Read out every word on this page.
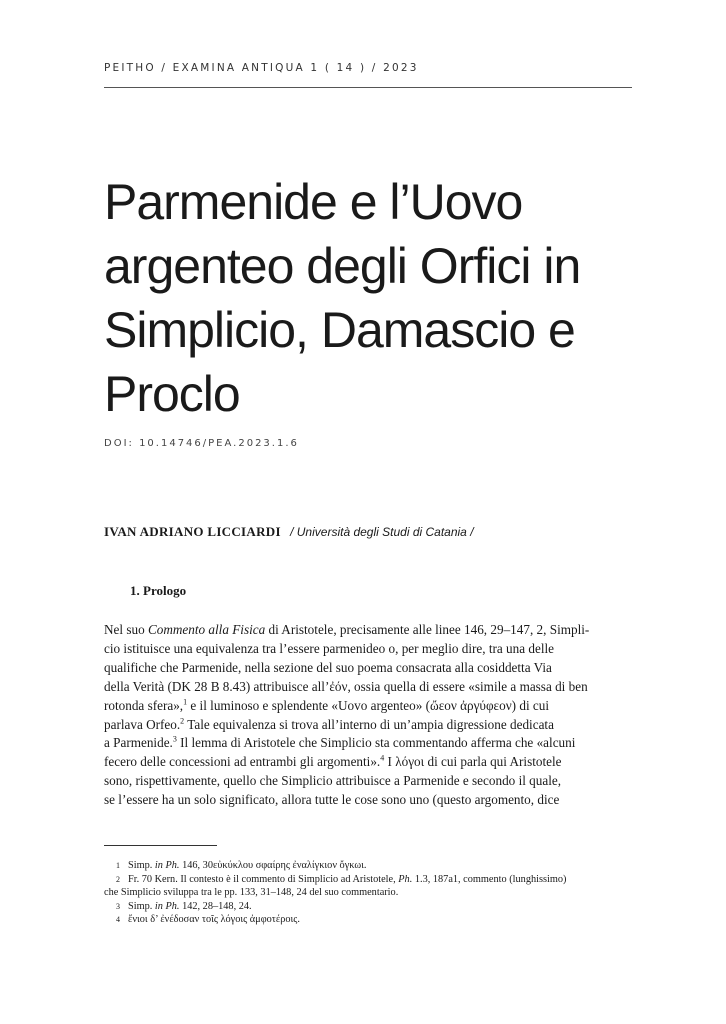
PEITHO / EXAMINA ANTIQUA 1 ( 14 ) / 2023
Parmenide e l’Uovo
argenteo degli Orfici in
Simplicio, Damascio e
Proclo
DOI: 10.14746/PEA.2023.1.6
IVAN ADRIANO LICCIARDI / Università degli Studi di Catania /
1. Prologo
Nel suo Commento alla Fisica di Aristotele, precisamente alle linee 146, 29–147, 2, Simpli-
cio istituisce una equivalenza tra l’essere parmenideo o, per meglio dire, tra una delle
qualifiche che Parmenide, nella sezione del suo poema consacrata alla cosiddetta Via
della Verità (DK 28 B 8.43) attribuisce all’ἐόν, ossia quella di essere «simile a massa di ben
rotonda sfera»,$^1$ e il luminoso e splendente «Uovo argenteo» (ὤεον ἀργύφεον) di cui
parlava Orfeo.$^2$ Tale equivalenza si trova all’interno di un’ampia digressione dedicata
a Parmenide.$^3$ Il lemma di Aristotele che Simplicio sta commentando afferma che «alcuni
fecero delle concessioni ad entrambi gli argomenti».$^4$ I λόγοι di cui parla qui Aristotele
sono, rispettivamente, quello che Simplicio attribuisce a Parmenide e secondo il quale,
se l’essere ha un solo significato, allora tutte le cose sono uno (questo argomento, dice
1 Simp. in Ph. 146, 30εὐκύκλου σφαίρης ἐναλίγκιον ὄγκωι.
2 Fr. 70 Kern. Il contesto è il commento di Simplicio ad Aristotele, Ph. 1.3, 187a1, commento (lunghissimo)
che Simplicio sviluppa tra le pp. 133, 31–148, 24 del suo commentario.
3 Simp. in Ph. 142, 28–148, 24.
4 ἔνιοι δ’ ἐνέδοσαν τοῖς λόγοις ἀμφοτέροις.
